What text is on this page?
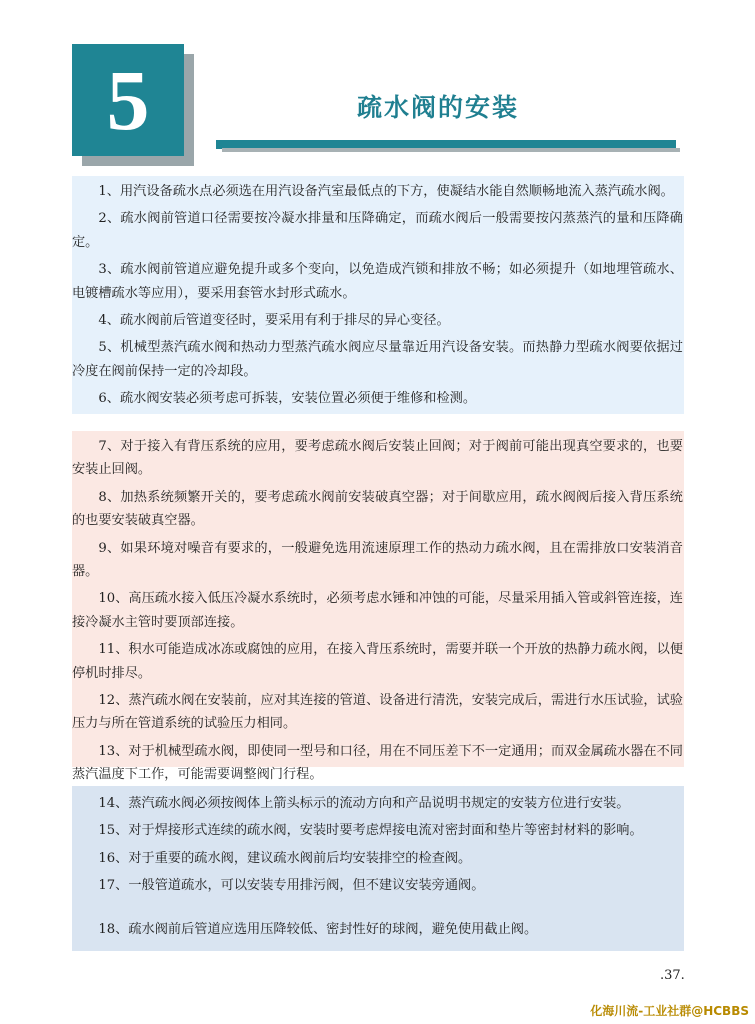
5	疏水阀的安装

1、用汽设备疏水点必须选在用汽设备汽室最低点的下方，使凝结水能自然顺畅地流入蒸汽疏水阀。

2、疏水阀前管道口径需要按冷凝水排量和压降确定，而疏水阀后一般需要按闪蒸蒸汽的量和压降确定。

3、疏水阀前管道应避免提升或多个变向，以免造成汽锁和排放不畅；如必须提升（如地埋管疏水、电镀槽疏水等应用），要采用套管水封形式疏水。

4、疏水阀前后管道变径时，要采用有利于排尽的异心变径。

5、机械型蒸汽疏水阀和热动力型蒸汽疏水阀应尽量靠近用汽设备安装。而热静力型疏水阀要依据过冷度在阀前保持一定的冷却段。

6、疏水阀安装必须考虑可拆装，安装位置必须便于维修和检测。

7、对于接入有背压系统的应用，要考虑疏水阀后安装止回阀；对于阀前可能出现真空要求的，也要安装止回阀。

8、加热系统频繁开关的，要考虑疏水阀前安装破真空器；对于间歇应用，疏水阀阀后接入背压系统的也要安装破真空器。

9、如果环境对噪音有要求的，一般避免选用流速原理工作的热动力疏水阀，且在需排放口安装消音器。

10、高压疏水接入低压冷凝水系统时，必须考虑水锤和冲蚀的可能，尽量采用插入管或斜管连接，连接冷凝水主管时要顶部连接。

11、积水可能造成冰冻或腐蚀的应用，在接入背压系统时，需要并联一个开放的热静力疏水阀，以便停机时排尽。

12、蒸汽疏水阀在安装前，应对其连接的管道、设备进行清洗，安装完成后，需进行水压试验，试验压力与所在管道系统的试验压力相同。

13、对于机械型疏水阀，即使同一型号和口径，用在不同压差下不一定通用；而双金属疏水器在不同蒸汽温度下工作，可能需要调整阀门行程。

14、蒸汽疏水阀必须按阀体上箭头标示的流动方向和产品说明书规定的安装方位进行安装。

15、对于焊接形式连续的疏水阀，安装时要考虑焊接电流对密封面和垫片等密封材料的影响。

16、对于重要的疏水阀，建议疏水阀前后均安装排空的检查阀。

17、一般管道疏水，可以安装专用排污阀，但不建议安装旁通阀。

18、疏水阀前后管道应选用压降较低、密封性好的球阀，避免使用截止阀。

.37.
化海川流-工业社群@HCBBS
